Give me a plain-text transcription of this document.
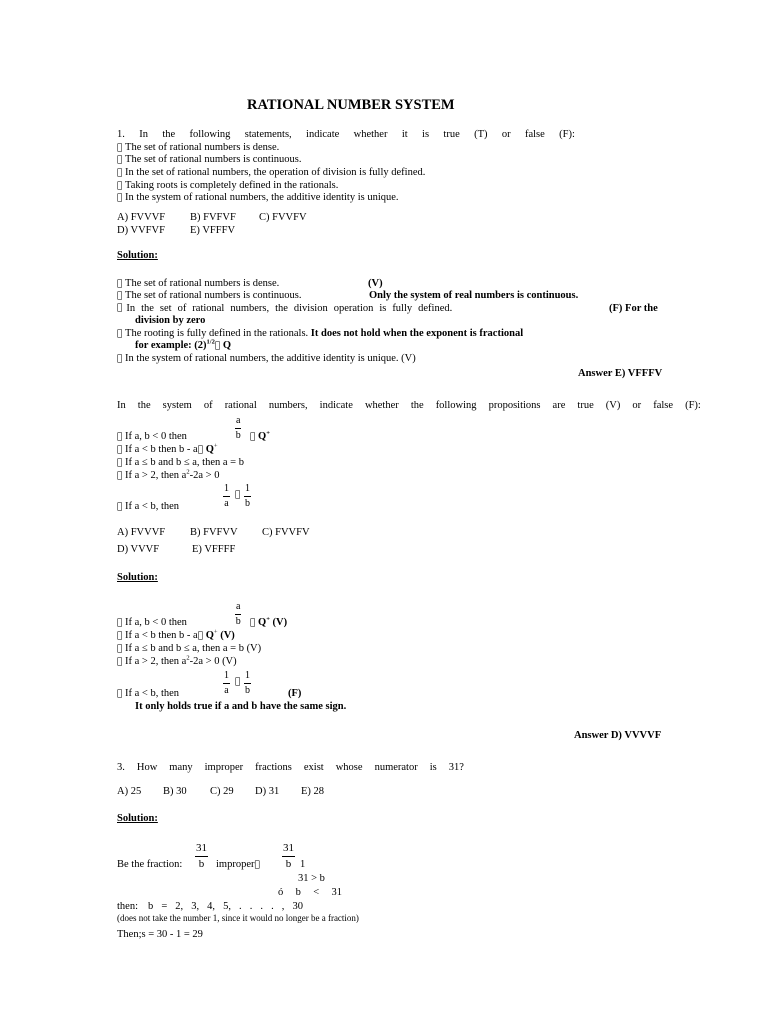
RATIONAL NUMBER SYSTEM
1. In the following statements, indicate whether it is true (T) or false (F):
The set of rational numbers is dense.
The set of rational numbers is continuous.
In the set of rational numbers, the operation of division is fully defined.
Taking roots is completely defined in the rationals.
In the system of rational numbers, the additive identity is unique.
A) FVVVF B) FVFVF C) FVVFV
D) VVFVF E) VFFFV
Solution:
The set of rational numbers is dense.	(V)
The set of rational numbers is continuous.	Only the system of real numbers is continuous.
In the set of rational numbers, the division operation is fully defined.	(F) For the
division by zero
The rooting is fully defined in the rationals. It does not hold when the exponent is fractional
for example: $(2)^{1/2}$ Q
In the system of rational numbers, the additive identity is unique. (V)
Answer E) VFFFV
In the system of rational numbers, indicate whether the following propositions are true (V) or false (F):
$\frac{a}{b}$
If a, b < 0 then	Q+
If a < b then b - a Q+
If a ≤ b and b ≤ a, then a = b
If a > 2, then $a^2-2a > 0$
$\frac{1}{a} \frac{1}{b}$
If a < b, then
A) FVVVF B) FVFVV C) FVVFV
D) VVVF	E) VFFFF
Solution:
$\frac{a}{b}$
If a, b < 0 then	Q+ (V)
If a < b then b - a Q+ (V)
If a ≤ b and b ≤ a, then a = b (V)
If a > 2, then $a^2-2a > 0$ (V)
$\frac{1}{a} \frac{1}{b}$
If a < b, then	(F)
It only holds true if a and b have the same sign.
Answer D) VVVVF
3. How many improper fractions exist whose numerator is 31?
A) 25 B) 30 C) 29 D) 31 E) 28
Solution:
$\frac{31}{b}$
Be the fraction:	improper	$\frac{31}{b} 1$
31 > b
ó b < 31
then: b = 2, 3, 4, 5, . . . . , 30
(does not take the number 1, since it would no longer be a fraction)
Then;s = 30 - 1 = 29
